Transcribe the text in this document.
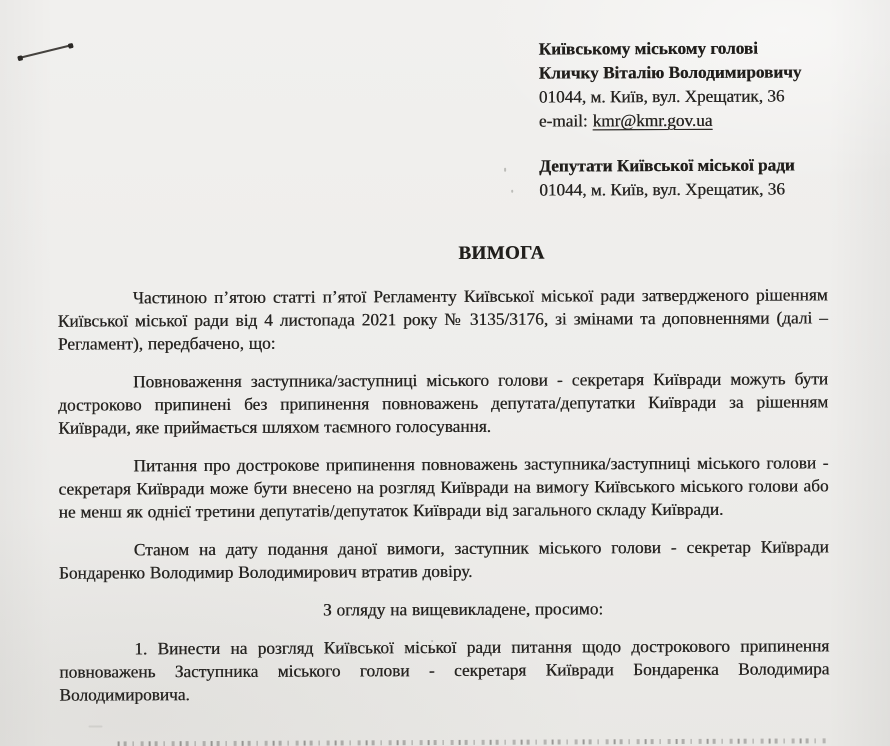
Київському міському голові

Кличку Віталію Володимировичу

01044, м. Київ, вул. Хрещатик, 36

e-mail: kmr@kmr.gov.ua

Депутати Київської міської ради

01044, м. Київ, вул. Хрещатик, 36

ВИМОГА

Частиною п’ятою статті п’ятої Регламенту Київської міської ради затвердженого рішенням Київської міської ради від 4 листопада 2021 року № 3135/3176, зі змінами та доповненнями (далі – Регламент), передбачено, що:

Повноваження заступника/заступниці міського голови - секретаря Київради можуть бути достроково припинені без припинення повноважень депутата/депутатки Київради за рішенням Київради, яке приймається шляхом таємного голосування.

Питання про дострокове припинення повноважень заступника/заступниці міського голови - секретаря Київради може бути внесено на розгляд Київради на вимогу Київського міського голови або не менш як однієї третини депутатів/депутаток Київради від загального складу Київради.

Станом на дату подання даної вимоги, заступник міського голови - секретар Київради Бондаренко Володимир Володимирович втратив довіру.

З огляду на вищевикладене, просимо:

1. Винести на розгляд Київської міської ради питання щодо дострокового припинення повноважень Заступника міського голови - секретаря Київради Бондаренка Володимира Володимировича.
